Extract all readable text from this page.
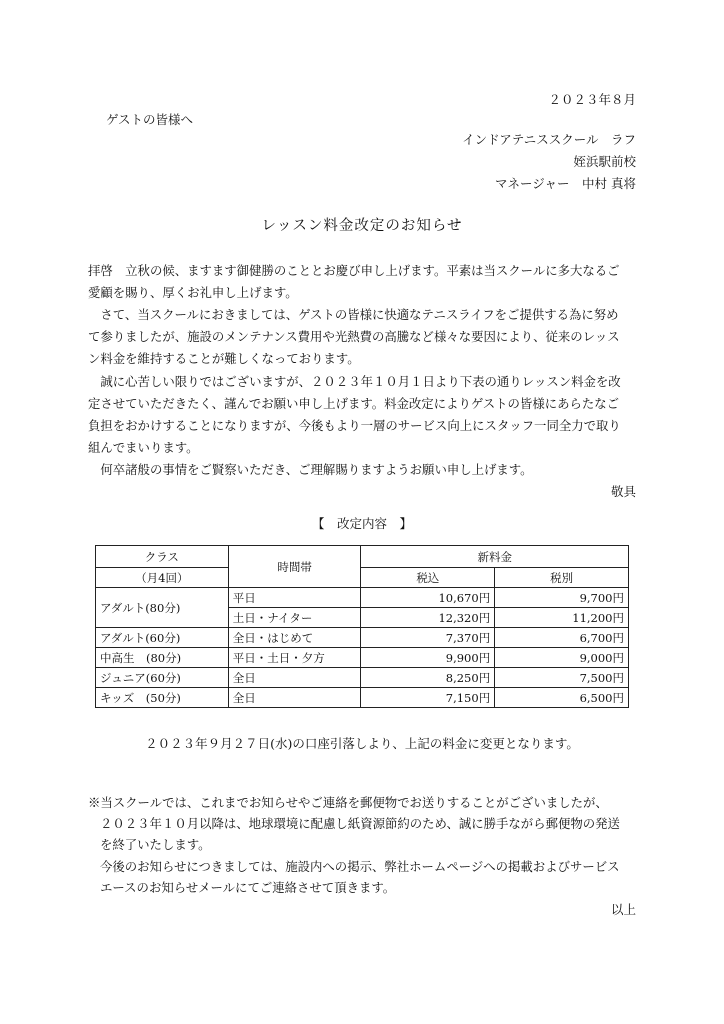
２０２３年８月
ゲストの皆様へ
インドアテニススクール　ラフ
姪浜駅前校
マネージャー　中村 真将
レッスン料金改定のお知らせ
拝啓　立秋の候、ますます御健勝のこととお慶び申し上げます。平素は当スクールに多大なるご
愛顧を賜り、厚くお礼申し上げます。
　さて、当スクールにおきましては、ゲストの皆様に快適なテニスライフをご提供する為に努め
て参りましたが、施設のメンテナンス費用や光熱費の高騰など様々な要因により、従来のレッス
ン料金を維持することが難しくなっております。
　誠に心苦しい限りではございますが、２０２３年１０月１日より下表の通りレッスン料金を改
定させていただきたく、謹んでお願い申し上げます。料金改定によりゲストの皆様にあらたなご
負担をおかけすることになりますが、今後もより一層のサービス向上にスタッフ一同全力で取り
組んでまいります。
　何卒諸般の事情をご賢察いただき、ご理解賜りますようお願い申し上げます。
敬具
【　改定内容　】
クラス	時間帯	新料金	
（月4回）		税込	税別
アダルト(80分)	平日	10,670円	9,700円
	土日・ナイター	12,320円	11,200円
アダルト(60分)	全日・はじめて	7,370円	6,700円
中高生　(80分)	平日・土日・夕方	9,900円	9,000円
ジュニア(60分)	全日	8,250円	7,500円
キッズ　(50分)	全日	7,150円	6,500円
２０２３年９月２７日(水)の口座引落しより、上記の料金に変更となります。
※当スクールでは、これまでお知らせやご連絡を郵便物でお送りすることがございましたが、
２０２３年１０月以降は、地球環境に配慮し紙資源節約のため、誠に勝手ながら郵便物の発送
を終了いたします。
今後のお知らせにつきましては、施設内への掲示、弊社ホームページへの掲載およびサービス
エースのお知らせメールにてご連絡させて頂きます。
以上
